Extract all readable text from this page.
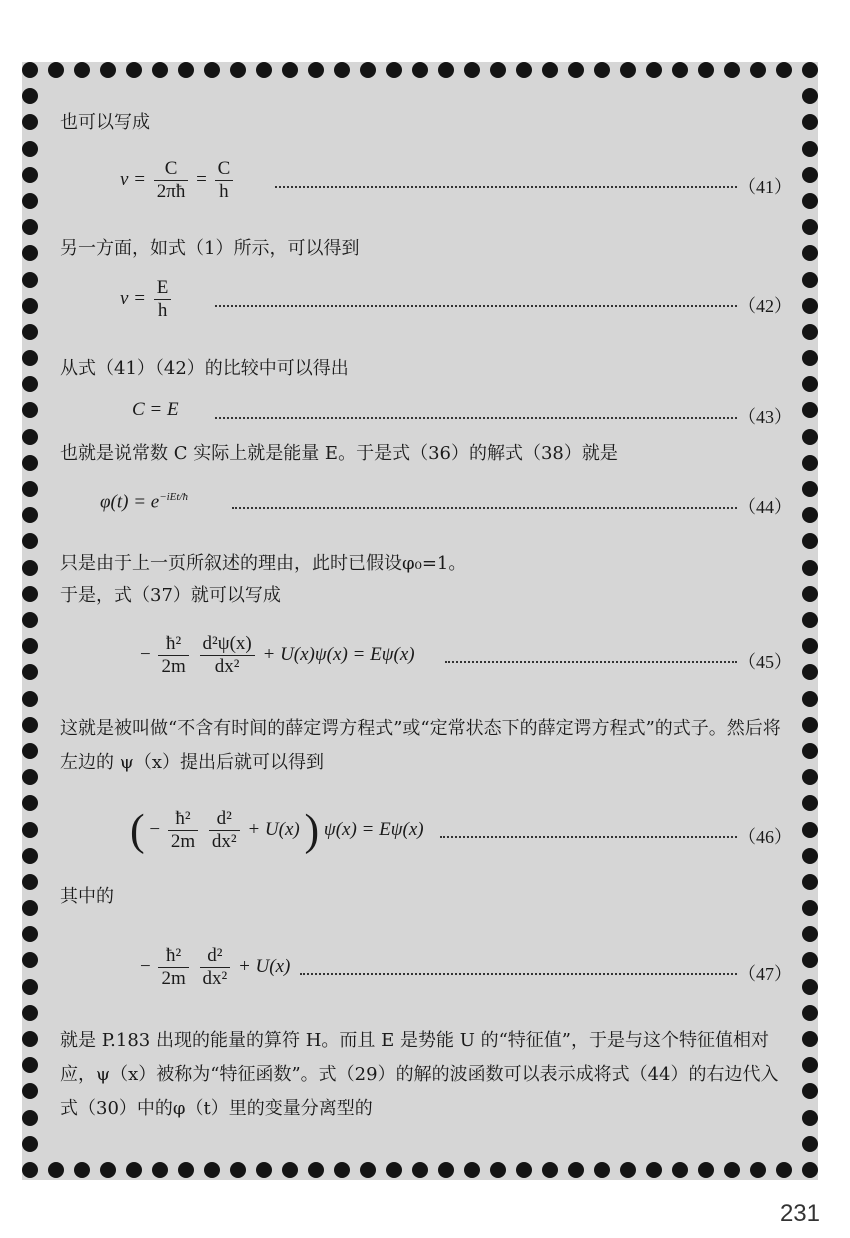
也可以写成
$\nu = \frac{C}{2\pi ħ} = \frac{C}{h}$	（41）
另一方面，如式（1）所示，可以得到
$\nu = \frac{E}{h}$	（42）
从式（41）（42）的比较中可以得出
C = E	（43）
也就是说常数 C 实际上就是能量 E。于是式（36）的解式（38）就是
$\varphi(t) = e^{-iEt/ħ}$	（44）
只是由于上一页所叙述的理由，此时已假设φ₀=1。
于是，式（37）就可以写成
− $\frac{\text{ħ²}}{2m}$
$\frac{\text{d²ψ(x)}}{\text{dx²}} + U(x)\psi(x) = E\psi(x)$	（45）
这就是被叫做“不含有时间的薛定谔方程式”或“定常状态下的薛定谔方程式”的式子。然后将左边的 ψ（x）提出后就可以得到
( − $\frac{\text{ħ²}}{2m}$
$\frac{\text{d²}}{\text{dx²}} + U(x)$ ) ψ(x) = Eψ(x)	（46）
其中的
− $\frac{\text{ħ²}}{2m}$
$\frac{\text{d²}}{\text{dx²}} + U(x)$	（47）
就是 P.183 出现的能量的算符 H。而且 E 是势能 U 的“特征值”，于是与这个特征值相对应，ψ（x）被称为“特征函数”。式（29）的解的波函数可以表示成将式（44）的右边代入式（30）中的φ（t）里的变量分离型的
231
